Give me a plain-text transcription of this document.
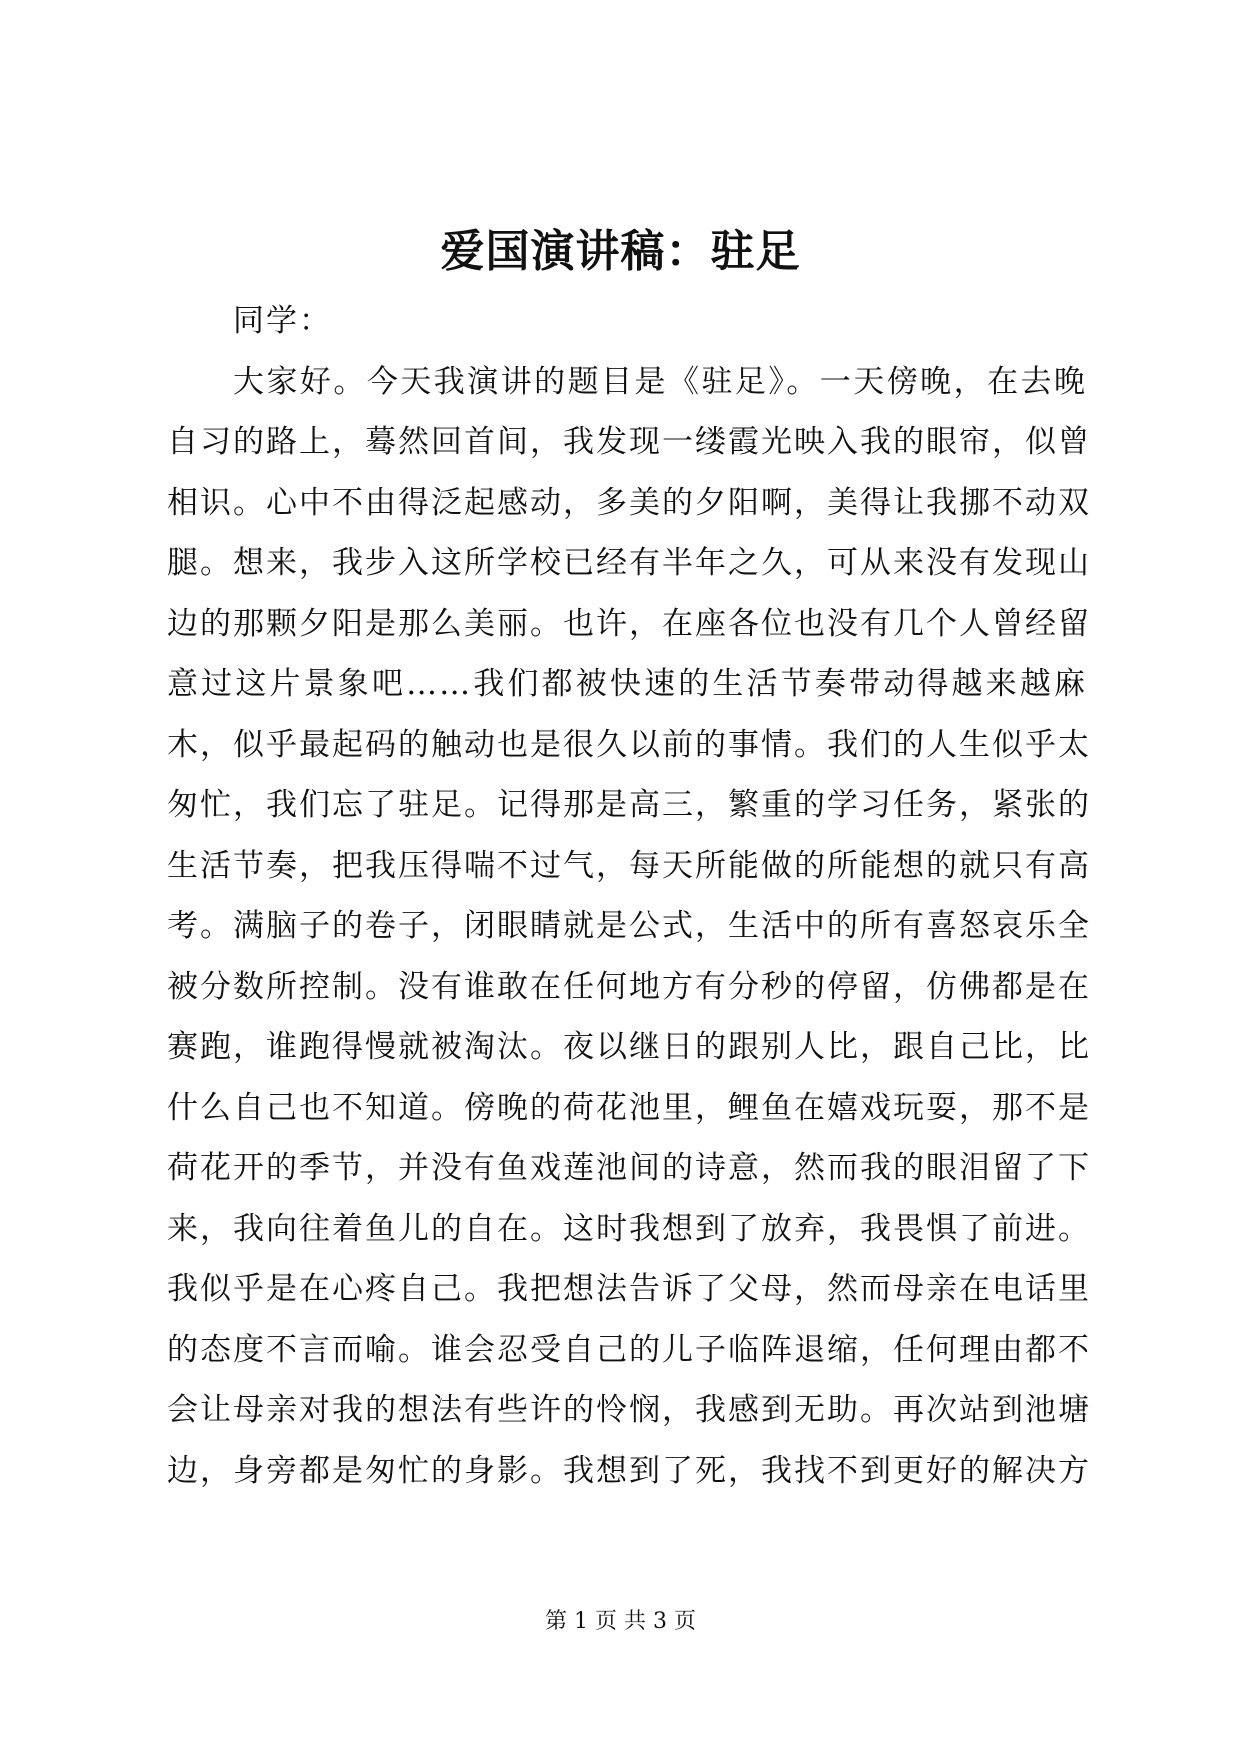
爱国演讲稿：驻足
同学：
大家好。今天我演讲的题目是《驻足》。一天傍晚，在去晚
自习的路上，蓦然回首间，我发现一缕霞光映入我的眼帘，似曾
相识。心中不由得泛起感动，多美的夕阳啊，美得让我挪不动双
腿。想来，我步入这所学校已经有半年之久，可从来没有发现山
边的那颗夕阳是那么美丽。也许，在座各位也没有几个人曾经留
意过这片景象吧……我们都被快速的生活节奏带动得越来越麻
木，似乎最起码的触动也是很久以前的事情。我们的人生似乎太
匆忙，我们忘了驻足。记得那是高三，繁重的学习任务，紧张的
生活节奏，把我压得喘不过气，每天所能做的所能想的就只有高
考。满脑子的卷子，闭眼睛就是公式，生活中的所有喜怒哀乐全
被分数所控制。没有谁敢在任何地方有分秒的停留，仿佛都是在
赛跑，谁跑得慢就被淘汰。夜以继日的跟别人比，跟自己比，比
什么自己也不知道。傍晚的荷花池里，鲤鱼在嬉戏玩耍，那不是
荷花开的季节，并没有鱼戏莲池间的诗意，然而我的眼泪留了下
来，我向往着鱼儿的自在。这时我想到了放弃，我畏惧了前进。
我似乎是在心疼自己。我把想法告诉了父母，然而母亲在电话里
的态度不言而喻。谁会忍受自己的儿子临阵退缩，任何理由都不
会让母亲对我的想法有些许的怜悯，我感到无助。再次站到池塘
边，身旁都是匆忙的身影。我想到了死，我找不到更好的解决方
第 1 页 共 3 页
